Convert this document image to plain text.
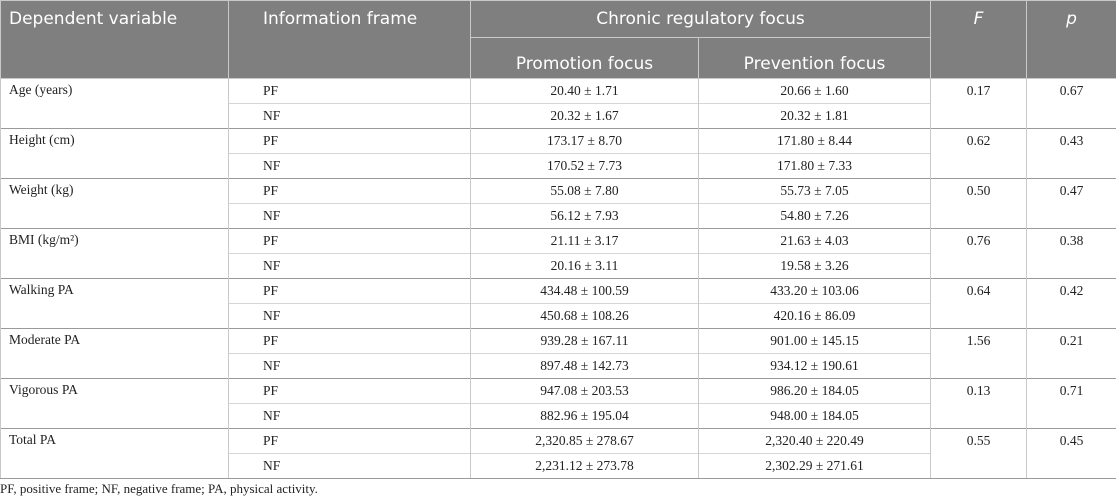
Dependent variable	Information frame	Chronic regulatory focus		F	p
		Promotion focus	Prevention focus		
Age (years)	PF	20.40 ± 1.71	20.66 ± 1.60	0.17	0.67
	NF	20.32 ± 1.67	20.32 ± 1.81		
Height (cm)	PF	173.17 ± 8.70	171.80 ± 8.44	0.62	0.43
	NF	170.52 ± 7.73	171.80 ± 7.33		
Weight (kg)	PF	55.08 ± 7.80	55.73 ± 7.05	0.50	0.47
	NF	56.12 ± 7.93	54.80 ± 7.26		
BMI (kg/m²)	PF	21.11 ± 3.17	21.63 ± 4.03	0.76	0.38
	NF	20.16 ± 3.11	19.58 ± 3.26		
Walking PA	PF	434.48 ± 100.59	433.20 ± 103.06	0.64	0.42
	NF	450.68 ± 108.26	420.16 ± 86.09		
Moderate PA	PF	939.28 ± 167.11	901.00 ± 145.15	1.56	0.21
	NF	897.48 ± 142.73	934.12 ± 190.61		
Vigorous PA	PF	947.08 ± 203.53	986.20 ± 184.05	0.13	0.71
	NF	882.96 ± 195.04	948.00 ± 184.05		
Total PA	PF	2,320.85 ± 278.67	2,320.40 ± 220.49	0.55	0.45
	NF	2,231.12 ± 273.78	2,302.29 ± 271.61		
PF, positive frame; NF, negative frame; PA, physical activity.
